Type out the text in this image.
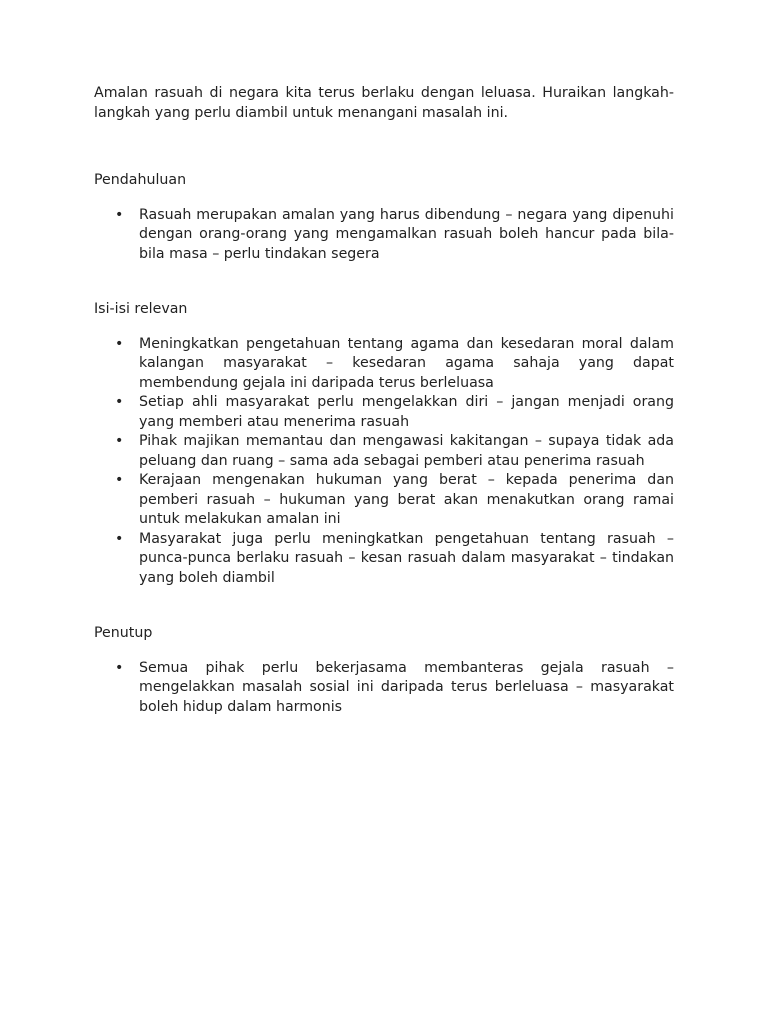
Amalan rasuah di negara kita terus berlaku dengan leluasa. Huraikan langkah-langkah yang perlu diambil untuk menangani masalah ini.

Pendahuluan

• Rasuah merupakan amalan yang harus dibendung – negara yang dipenuhi dengan orang-orang yang mengamalkan rasuah boleh hancur pada bila-bila masa – perlu tindakan segera

Isi-isi relevan

• Meningkatkan pengetahuan tentang agama dan kesedaran moral dalam kalangan masyarakat – kesedaran agama sahaja yang dapat membendung gejala ini daripada terus berleluasa
• Setiap ahli masyarakat perlu mengelakkan diri – jangan menjadi orang yang memberi atau menerima rasuah
• Pihak majikan memantau dan mengawasi kakitangan – supaya tidak ada peluang dan ruang – sama ada sebagai pemberi atau penerima rasuah
• Kerajaan mengenakan hukuman yang berat – kepada penerima dan pemberi rasuah – hukuman yang berat akan menakutkan orang ramai untuk melakukan amalan ini
• Masyarakat juga perlu meningkatkan pengetahuan tentang rasuah – punca-punca berlaku rasuah – kesan rasuah dalam masyarakat – tindakan yang boleh diambil

Penutup

• Semua pihak perlu bekerjasama membanteras gejala rasuah – mengelakkan masalah sosial ini daripada terus berleluasa – masyarakat boleh hidup dalam harmonis
